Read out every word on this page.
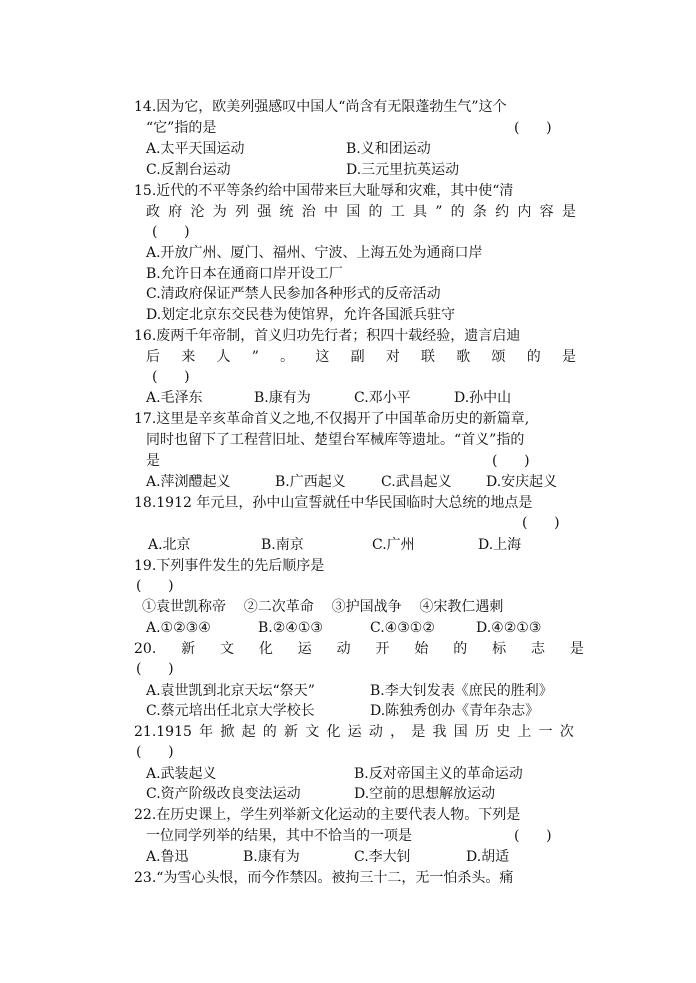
14.因为它，欧美列强感叹中国人“尚含有无限蓬勃生气”这个
“它”指的是	(      )
A.太平天国运动	B.义和团运动
C.反割台运动	D.三元里抗英运动
15.近代的不平等条约给中国带来巨大耻辱和灾难，其中使“清
政 府 沦 为 列 强 统 治 中 国 的 工 具 ” 的 条 约 内 容 是
(      )
A.开放广州、厦门、福州、宁波、上海五处为通商口岸
B.允许日本在通商口岸开设工厂
C.清政府保证严禁人民参加各种形式的反帝活动
D.划定北京东交民巷为使馆界，允许各国派兵驻守
16.废两千年帝制，首义归功先行者；积四十载经验，遗言启迪
后 来 人 ” 。 这 副 对 联 歌 颂 的 是
(      )
A.毛泽东	B.康有为	C.邓小平	D.孙中山
17.这里是辛亥革命首义之地,不仅揭开了中国革命历史的新篇章,
同时也留下了工程营旧址、楚望台军械库等遗址。“首义”指的
是	(      )
A.萍浏醴起义	B.广西起义	C.武昌起义 D.安庆起义
18.1912 年元旦，孙中山宣誓就任中华民国临时大总统的地点是
(      )
A.北京	B.南京	C.广州	D.上海
19.下列事件发生的先后顺序是
(      )
①袁世凯称帝    ②二次革命    ③护国战争    ④宋教仁遇刺
A.①②③④	B.②④①③	C.④③①②	D.④②①③
20. 新 文 化 运 动 开 始 的 标 志 是
(      )
A.袁世凯到北京天坛“祭天”	B.李大钊发表《庶民的胜利》
C.蔡元培出任北京大学校长	D.陈独秀创办《青年杂志》
21.1915 年 掀 起 的 新 文 化 运 动 ， 是 我 国 历 史 上 一 次
(      )
A.武装起义	B.反对帝国主义的革命运动
C.资产阶级改良变法运动	D.空前的思想解放运动
22.在历史课上，学生列举新文化运动的主要代表人物。下列是
一位同学列举的结果，其中不恰当的一项是	(      )
A.鲁迅	B.康有为	C.李大钊	D.胡适
23.“为雪心头恨，而今作禁囚。被拘三十二，无一怕杀头。痛
